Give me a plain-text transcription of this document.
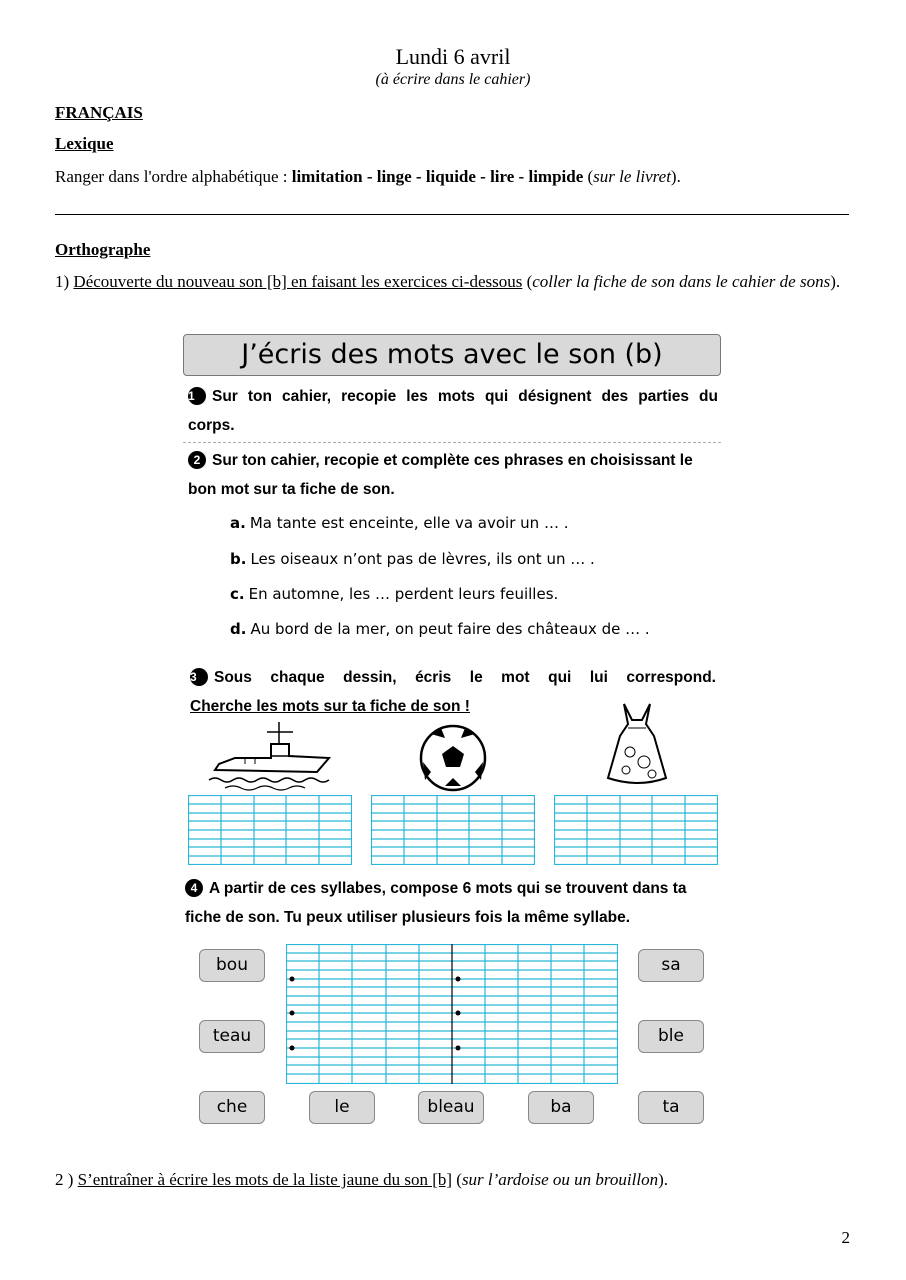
Lundi 6 avril
(à écrire dans le cahier)
FRANÇAIS
Lexique
Ranger dans l'ordre alphabétique : limitation - linge - liquide - lire - limpide (sur le livret).
Orthographe
1) Découverte du nouveau son [b] en faisant les exercices ci-dessous (coller la fiche de son dans le cahier de sons).
J’écris des mots avec le son (b)
1 Sur ton cahier, recopie les mots qui désignent des parties du
corps.
2 Sur ton cahier, recopie et complète ces phrases en choisissant le
bon mot sur ta fiche de son.
a. Ma tante est enceinte, elle va avoir un … .
b. Les oiseaux n’ont pas de lèvres, ils ont un … .
c. En automne, les … perdent leurs feuilles.
d. Au bord de la mer, on peut faire des châteaux de … .
3 Sous chaque dessin, écris le mot qui lui correspond.
Cherche les mots sur ta fiche de son !
4 A partir de ces syllabes, compose 6 mots qui se trouvent dans ta
fiche de son. Tu peux utiliser plusieurs fois la même syllabe.
bou
teau
sa
ble
che	le	bleau	ba	ta
2 ) S’entraîner à écrire les mots de la liste jaune du son [b] (sur l’ardoise ou un brouillon).
2
